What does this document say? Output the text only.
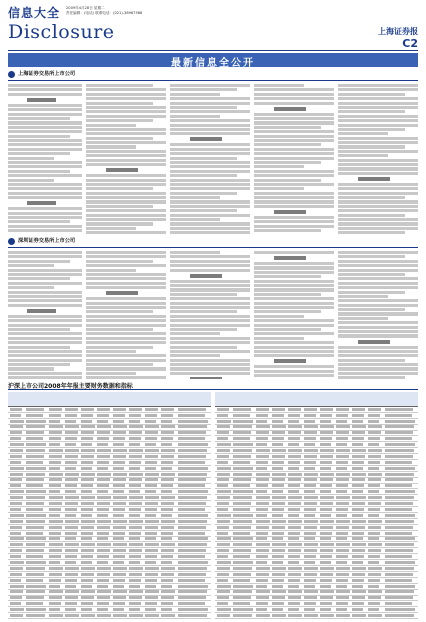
信息大全 2009年4月28日 星期二
责任编辑：(电话) 联系电话：(021)-38967588
Disclosure	上海证券报
C2
最新信息全公开
上海证券交易所上市公司
深圳证券交易所上市公司
沪深上市公司2008年年报主要财务数据和指标
